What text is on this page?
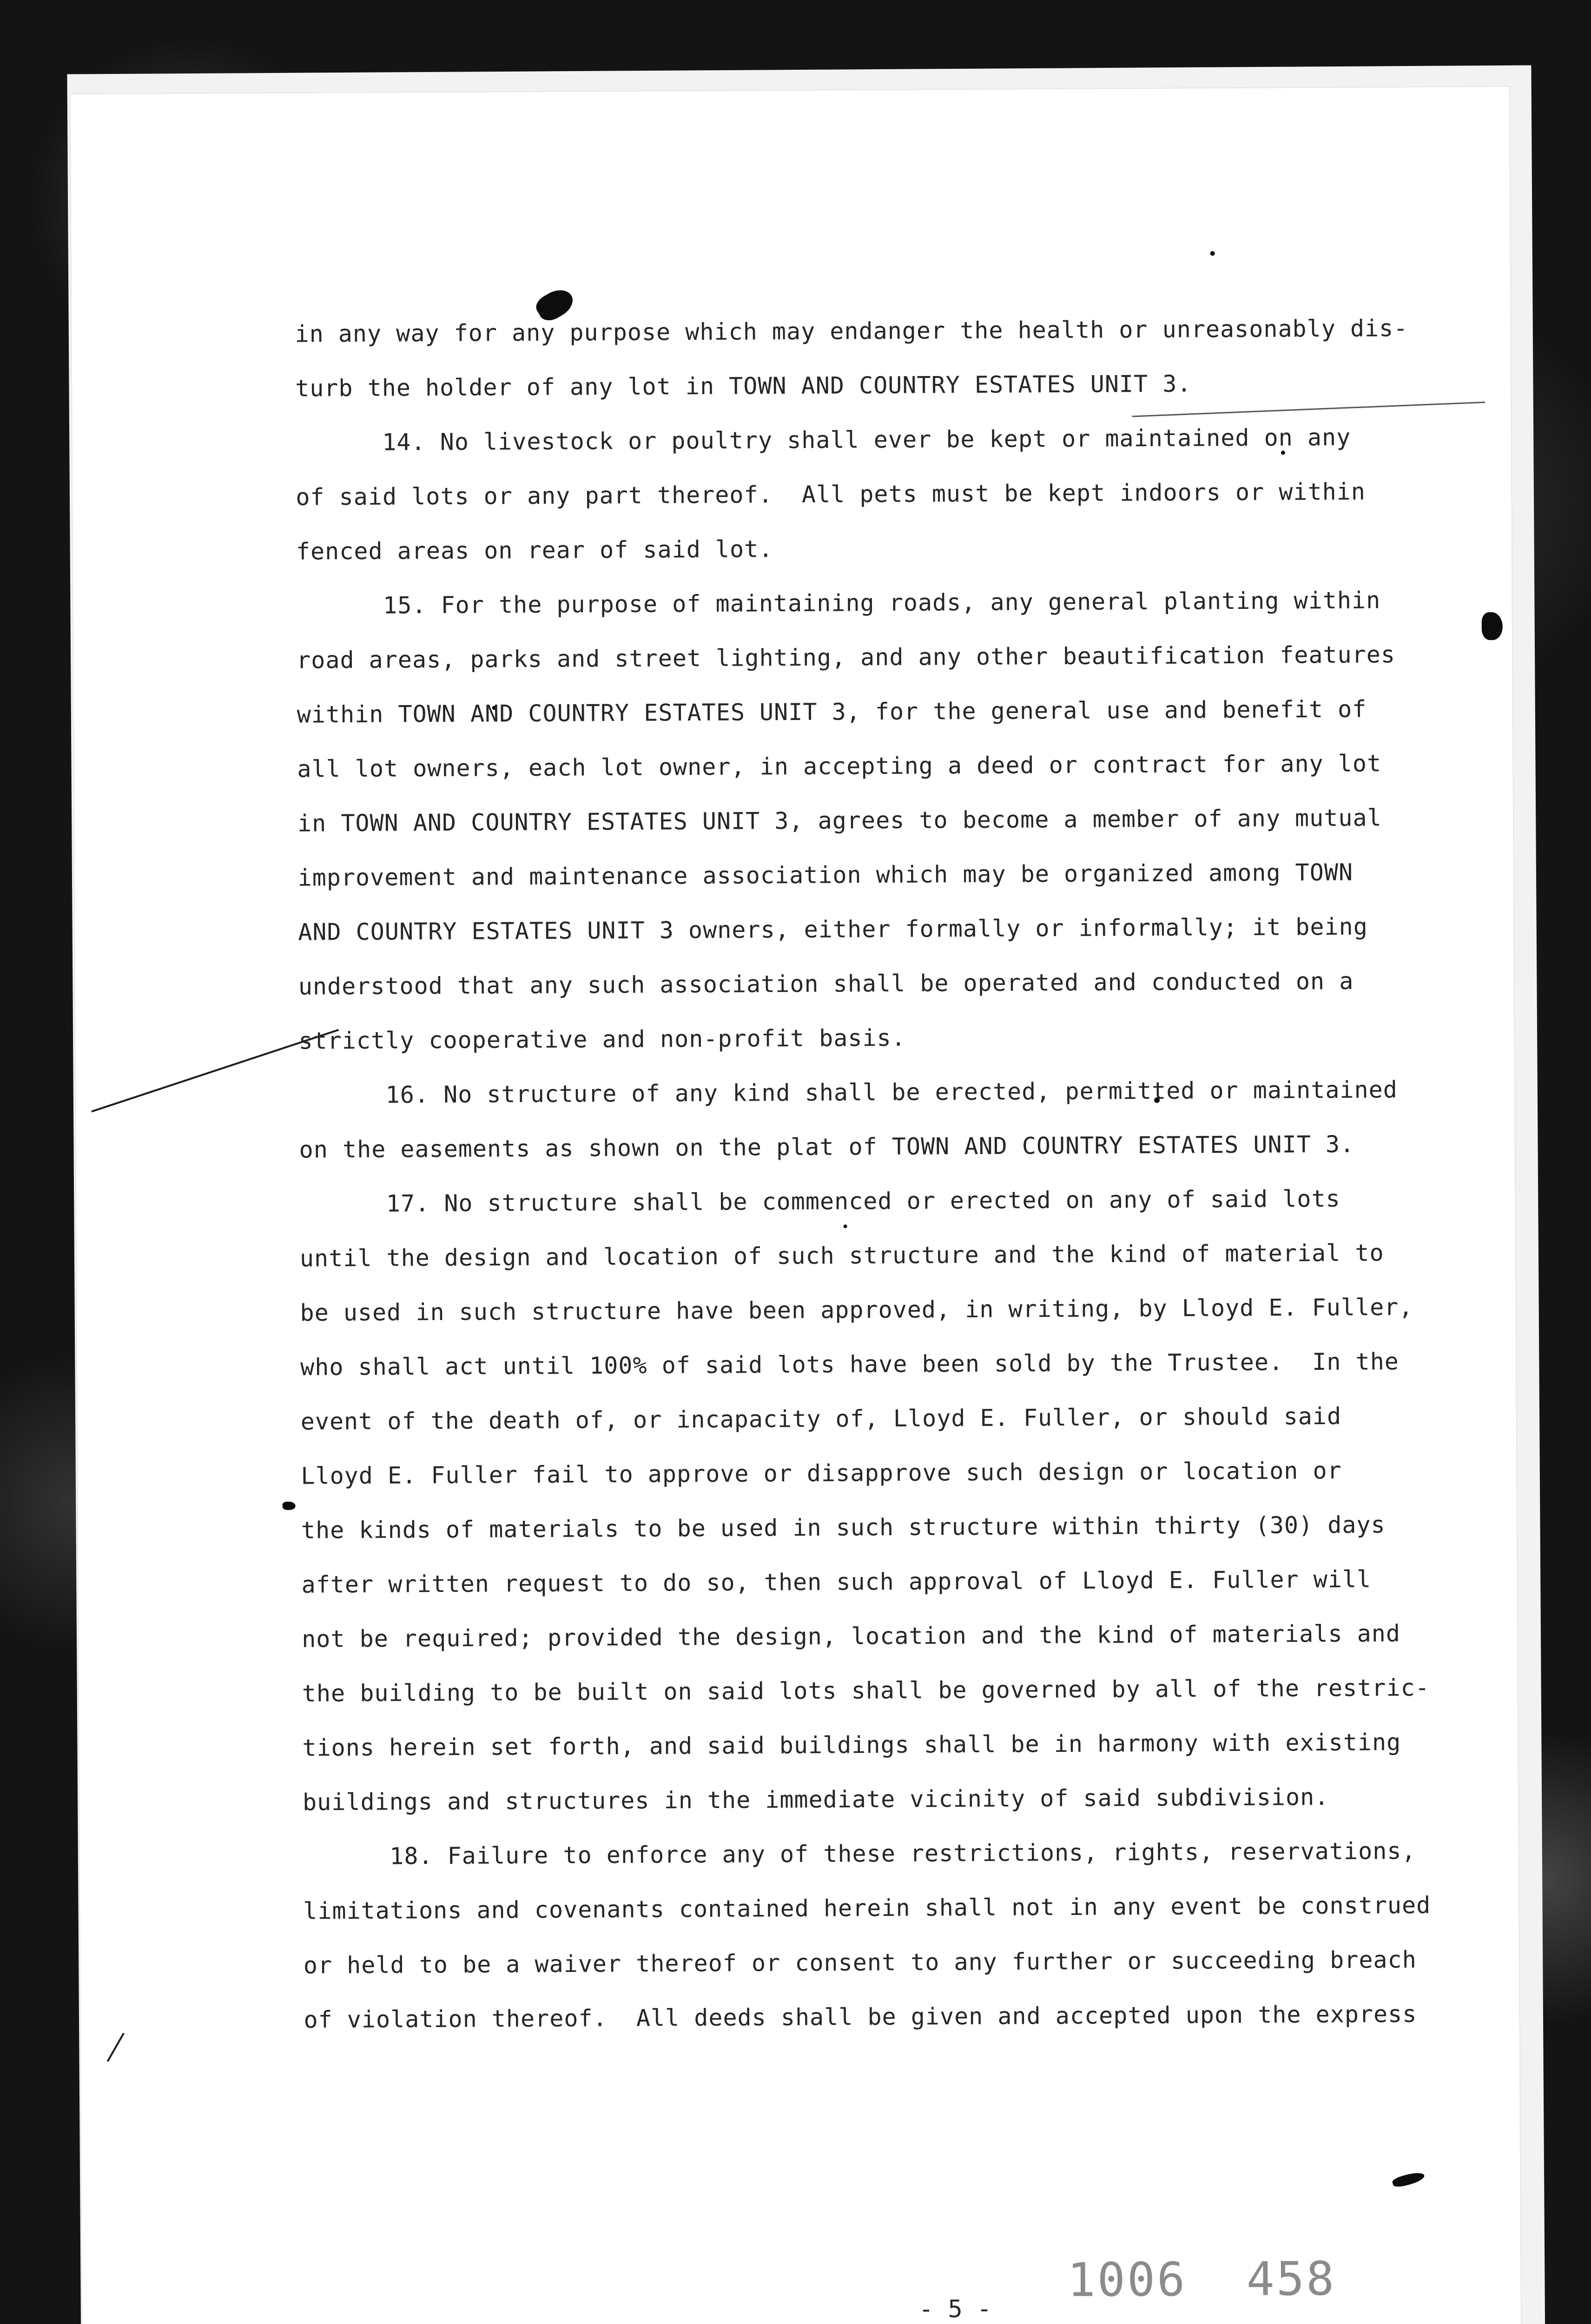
in any way for any purpose which may endanger the health or unreasonably dis-
turb the holder of any lot in TOWN AND COUNTRY ESTATES UNIT 3.
14. No livestock or poultry shall ever be kept or maintained on any
of said lots or any part thereof.  All pets must be kept indoors or within
fenced areas on rear of said lot.
15. For the purpose of maintaining roads, any general planting within
road areas, parks and street lighting, and any other beautification features
within TOWN AND COUNTRY ESTATES UNIT 3, for the general use and benefit of
all lot owners, each lot owner, in accepting a deed or contract for any lot
in TOWN AND COUNTRY ESTATES UNIT 3, agrees to become a member of any mutual
improvement and maintenance association which may be organized among TOWN
AND COUNTRY ESTATES UNIT 3 owners, either formally or informally; it being
understood that any such association shall be operated and conducted on a
strictly cooperative and non-profit basis.
16. No structure of any kind shall be erected, permitted or maintained
on the easements as shown on the plat of TOWN AND COUNTRY ESTATES UNIT 3.
17. No structure shall be commenced or erected on any of said lots
until the design and location of such structure and the kind of material to
be used in such structure have been approved, in writing, by Lloyd E. Fuller,
who shall act until 100% of said lots have been sold by the Trustee.  In the
event of the death of, or incapacity of, Lloyd E. Fuller, or should said
Lloyd E. Fuller fail to approve or disapprove such design or location or
the kinds of materials to be used in such structure within thirty (30) days
after written request to do so, then such approval of Lloyd E. Fuller will
not be required; provided the design, location and the kind of materials and
the building to be built on said lots shall be governed by all of the restric-
tions herein set forth, and said buildings shall be in harmony with existing
buildings and structures in the immediate vicinity of said subdivision.
18. Failure to enforce any of these restrictions, rights, reservations,
limitations and covenants contained herein shall not in any event be construed
or held to be a waiver thereof or consent to any further or succeeding breach
of violation thereof.  All deeds shall be given and accepted upon the express
1006  458
- 5 -
